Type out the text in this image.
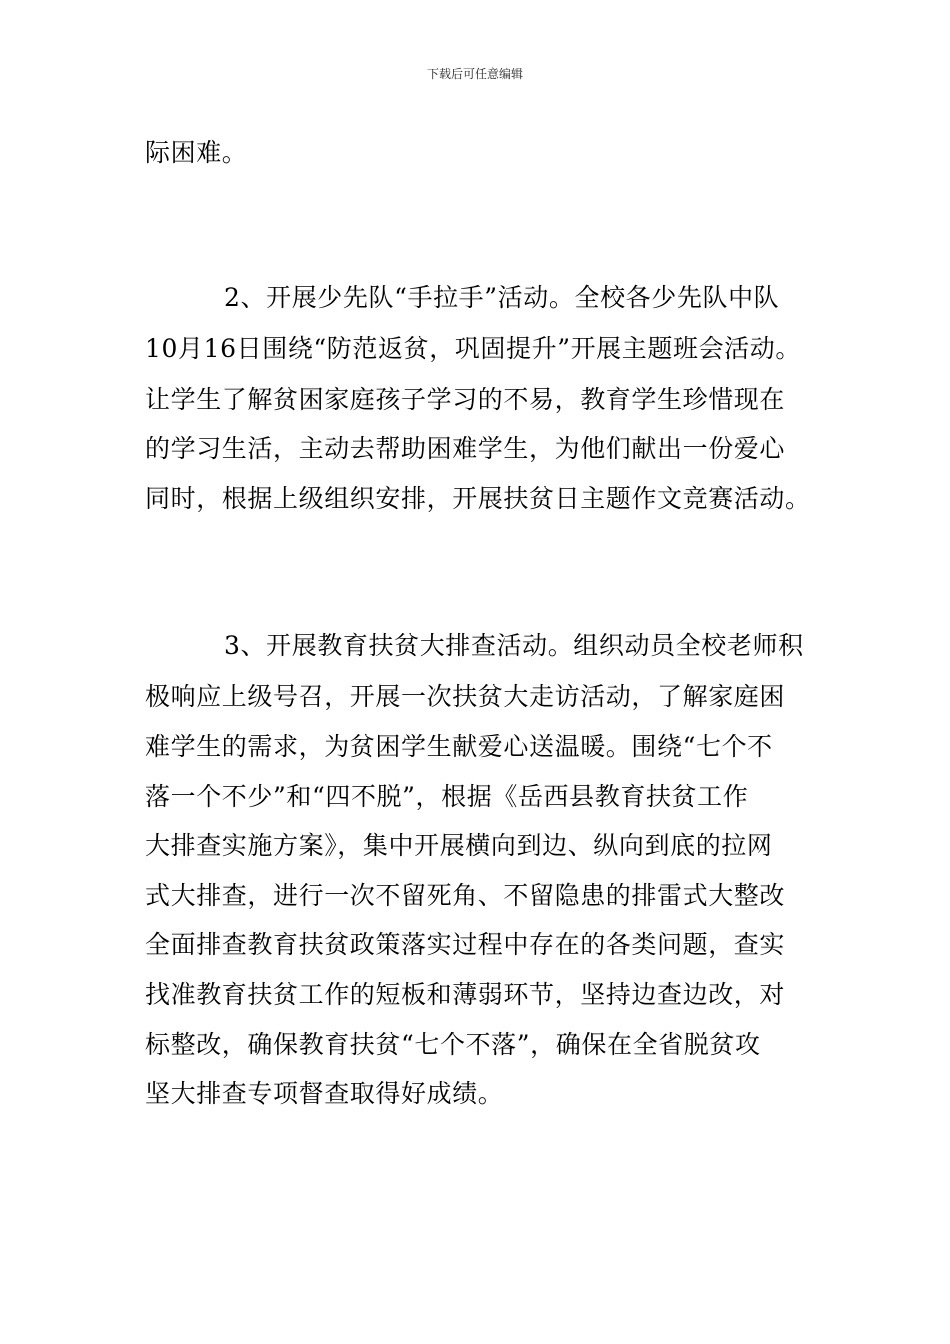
下载后可任意编辑
际困难。
2、开展少先队“手拉手”活动。全校各少先队中队
10月16日围绕“防范返贫，巩固提升”开展主题班会活动。
让学生了解贫困家庭孩子学习的不易，教育学生珍惜现在
的学习生活，主动去帮助困难学生，为他们献出一份爱心
同时，根据上级组织安排，开展扶贫日主题作文竞赛活动。
3、开展教育扶贫大排查活动。组织动员全校老师积
极响应上级号召，开展一次扶贫大走访活动，了解家庭困
难学生的需求，为贫困学生献爱心送温暖。围绕“七个不
落一个不少”和“四不脱”，根据《岳西县教育扶贫工作
大排查实施方案》，集中开展横向到边、纵向到底的拉网
式大排查，进行一次不留死角、不留隐患的排雷式大整改
全面排查教育扶贫政策落实过程中存在的各类问题，查实
找准教育扶贫工作的短板和薄弱环节，坚持边查边改，对
标整改，确保教育扶贫“七个不落”，确保在全省脱贫攻
坚大排查专项督查取得好成绩。
